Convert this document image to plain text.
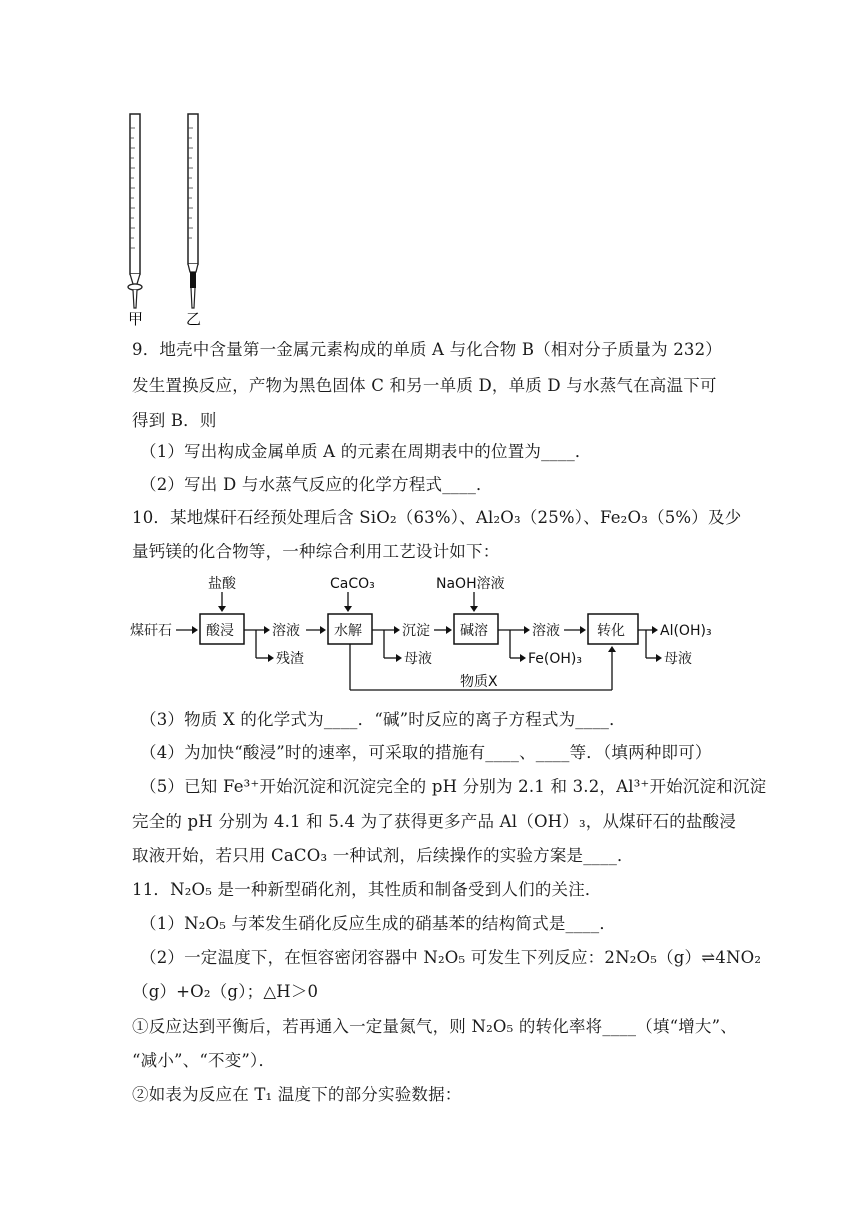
甲	乙
9．地壳中含量第一金属元素构成的单质 A 与化合物 B（相对分子质量为 232）
发生置换反应，产物为黑色固体 C 和另一单质 D，单质 D 与水蒸气在高温下可
得到 B．则
（1）写出构成金属单质 A 的元素在周期表中的位置为____．
（2）写出 D 与水蒸气反应的化学方程式____．
10．某地煤矸石经预处理后含 SiO₂（63%）、Al₂O₃（25%）、Fe₂O₃（5%）及少
量钙镁的化合物等，一种综合利用工艺设计如下：
盐酸	CaCO₃	NaOH溶液
煤矸石 酸浸	溶液
残渣
水解	沉淀
母液
碱溶	溶液
Fe(OH)₃
转化	Al(OH)₃
母液
物质X
（3）物质 X 的化学式为____．“碱”时反应的离子方程式为____．
（4）为加快“酸浸”时的速率，可采取的措施有____、____等．（填两种即可）
（5）已知 Fe³⁺开始沉淀和沉淀完全的 pH 分别为 2.1 和 3.2，Al³⁺开始沉淀和沉淀
完全的 pH 分别为 4.1 和 5.4 为了获得更多产品 Al（OH）₃，从煤矸石的盐酸浸
取液开始，若只用 CaCO₃ 一种试剂，后续操作的实验方案是____．
11．N₂O₅ 是一种新型硝化剂，其性质和制备受到人们的关注．
（1）N₂O₅ 与苯发生硝化反应生成的硝基苯的结构简式是____．
（2）一定温度下，在恒容密闭容器中 N₂O₅ 可发生下列反应：2N₂O₅（g）⇌4NO₂
（g）+O₂（g）；△H＞0
①反应达到平衡后，若再通入一定量氮气，则 N₂O₅ 的转化率将____（填“增大”、
“减小”、“不变”）．
②如表为反应在 T₁ 温度下的部分实验数据：
